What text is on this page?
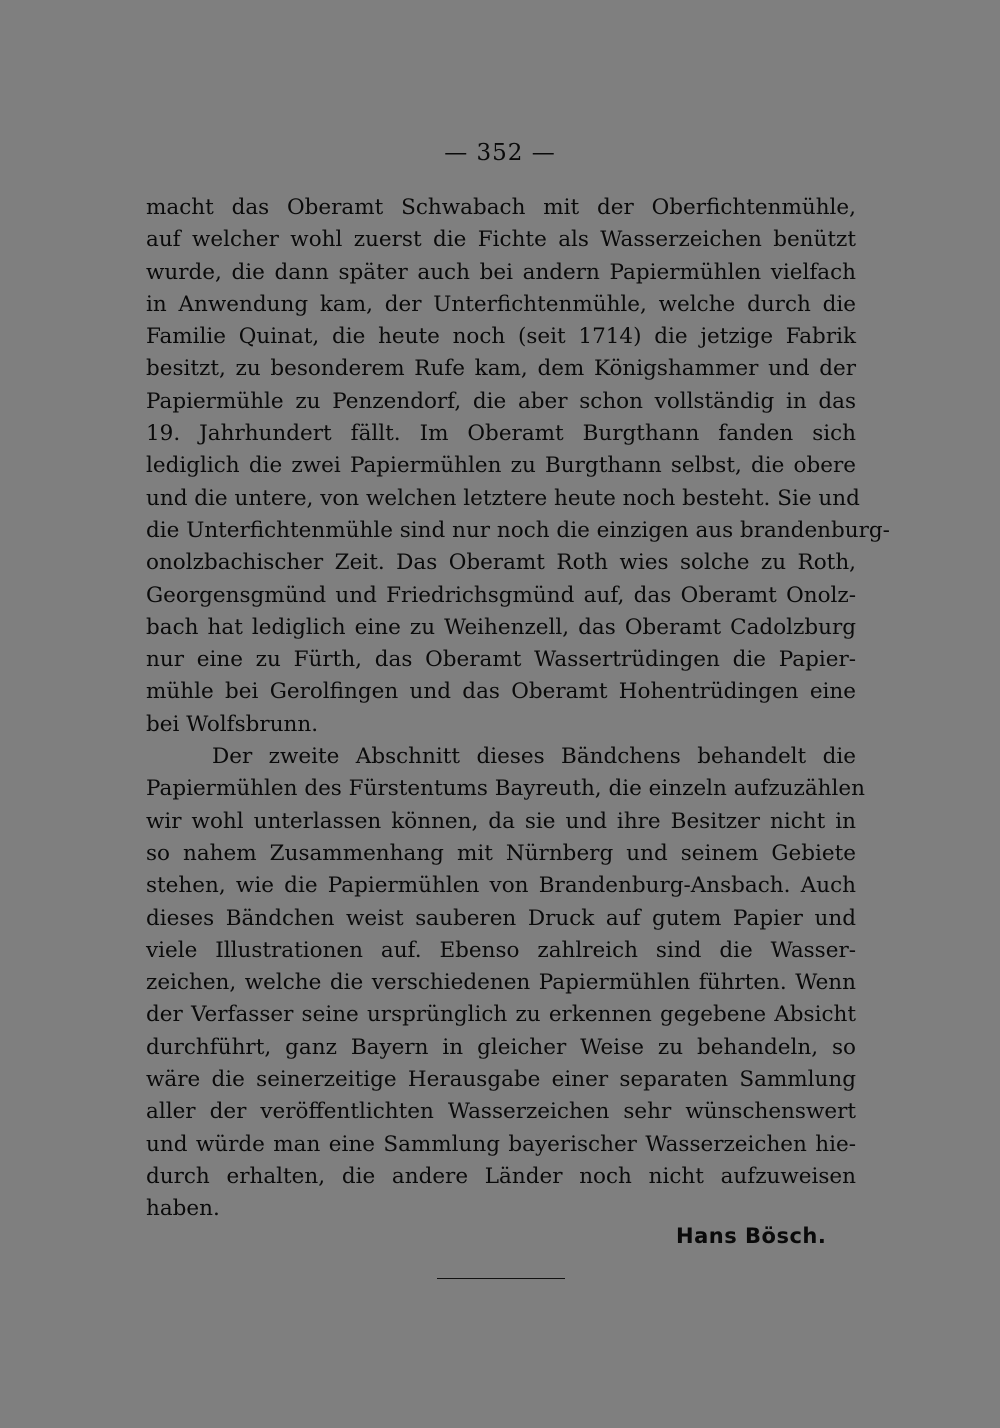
— 352 —
macht das Oberamt Schwabach mit der Oberfichtenmühle,
auf welcher wohl zuerst die Fichte als Wasserzeichen benützt
wurde, die dann später auch bei andern Papiermühlen vielfach
in Anwendung kam, der Unterfichtenmühle, welche durch die
Familie Quinat, die heute noch (seit 1714) die jetzige Fabrik
besitzt, zu besonderem Rufe kam, dem Königshammer und der
Papiermühle zu Penzendorf, die aber schon vollständig in das
19. Jahrhundert fällt. Im Oberamt Burgthann fanden sich
lediglich die zwei Papiermühlen zu Burgthann selbst, die obere
und die untere, von welchen letztere heute noch besteht. Sie und
die Unterfichtenmühle sind nur noch die einzigen aus brandenburg-
onolzbachischer Zeit. Das Oberamt Roth wies solche zu Roth,
Georgensgmünd und Friedrichsgmünd auf, das Oberamt Onolz-
bach hat lediglich eine zu Weihenzell, das Oberamt Cadolzburg
nur eine zu Fürth, das Oberamt Wassertrüdingen die Papier-
mühle bei Gerolfingen und das Oberamt Hohentrüdingen eine
bei Wolfsbrunn.
Der zweite Abschnitt dieses Bändchens behandelt die
Papiermühlen des Fürstentums Bayreuth, die einzeln aufzuzählen
wir wohl unterlassen können, da sie und ihre Besitzer nicht in
so nahem Zusammenhang mit Nürnberg und seinem Gebiete
stehen, wie die Papiermühlen von Brandenburg-Ansbach. Auch
dieses Bändchen weist sauberen Druck auf gutem Papier und
viele Illustrationen auf. Ebenso zahlreich sind die Wasser-
zeichen, welche die verschiedenen Papiermühlen führten. Wenn
der Verfasser seine ursprünglich zu erkennen gegebene Absicht
durchführt, ganz Bayern in gleicher Weise zu behandeln, so
wäre die seinerzeitige Herausgabe einer separaten Sammlung
aller der veröffentlichten Wasserzeichen sehr wünschenswert
und würde man eine Sammlung bayerischer Wasserzeichen hie-
durch erhalten, die andere Länder noch nicht aufzuweisen
haben.
Hans Bösch.
